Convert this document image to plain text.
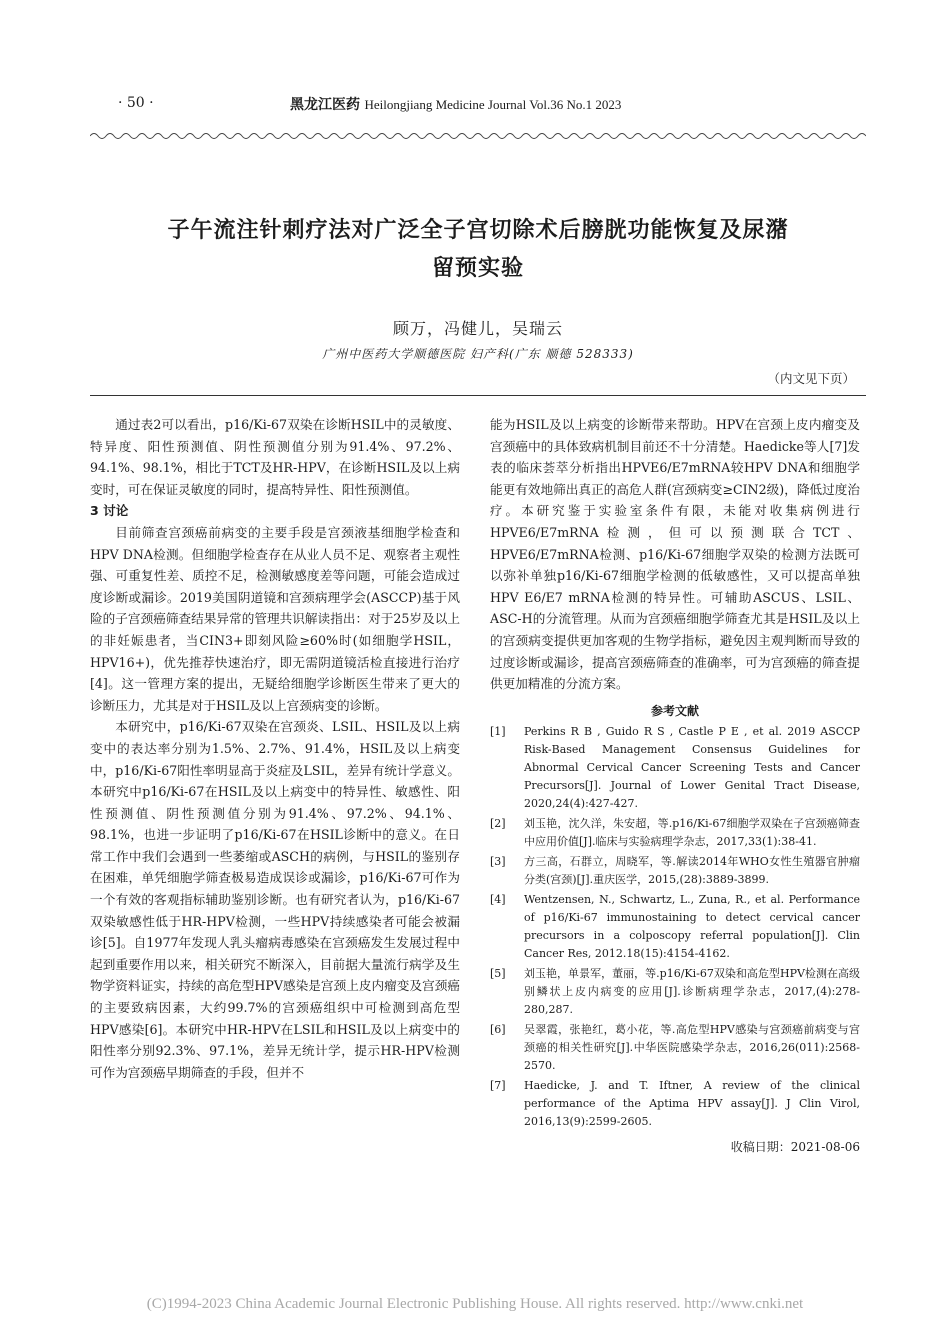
· 50 ·	黑龙江医药 Heilongjiang Medicine Journal Vol.36 No.1 2023
子午流注针刺疗法对广泛全子宫切除术后膀胱功能恢复及尿潴
留预实验
顾万，冯健儿，吴瑞云
广州中医药大学顺德医院 妇产科(广东 顺德 528333)
（内文见下页）

通过表2可以看出，p16/Ki-67双染在诊断HSIL中的灵敏度、特异度、阳性预测值、阴性预测值分别为91.4%、97.2%、94.1%、98.1%，相比于TCT及HR-HPV，在诊断HSIL及以上病变时，可在保证灵敏度的同时，提高特异性、阳性预测值。

3 讨论

目前筛查宫颈癌前病变的主要手段是宫颈液基细胞学检查和HPV DNA检测。但细胞学检查存在从业人员不足、观察者主观性强、可重复性差、质控不足，检测敏感度差等问题，可能会造成过度诊断或漏诊。2019美国阴道镜和宫颈病理学会(ASCCP)基于风险的子宫颈癌筛查结果异常的管理共识解读指出：对于25岁及以上的非妊娠患者，当CIN3+即刻风险≥60%时(如细胞学HSIL，HPV16+)，优先推荐快速治疗，即无需阴道镜活检直接进行治疗[4]。这一管理方案的提出，无疑给细胞学诊断医生带来了更大的诊断压力，尤其是对于HSIL及以上宫颈病变的诊断。

本研究中，p16/Ki-67双染在宫颈炎、LSIL、HSIL及以上病变中的表达率分别为1.5%、2.7%、91.4%，HSIL及以上病变中，p16/Ki-67阳性率明显高于炎症及LSIL，差异有统计学意义。本研究中p16/Ki-67在HSIL及以上病变中的特异性、敏感性、阳性预测值、阴性预测值分别为91.4%、97.2%、94.1%、98.1%，也进一步证明了p16/Ki-67在HSIL诊断中的意义。在日常工作中我们会遇到一些萎缩或ASCH的病例，与HSIL的鉴别存在困难，单凭细胞学筛查极易造成误诊或漏诊，p16/Ki-67可作为一个有效的客观指标辅助鉴别诊断。也有研究者认为，p16/Ki-67双染敏感性低于HR-HPV检测，一些HPV持续感染者可能会被漏诊[5]。自1977年发现人乳头瘤病毒感染在宫颈癌发生发展过程中起到重要作用以来，相关研究不断深入，目前据大量流行病学及生物学资料证实，持续的高危型HPV感染是宫颈上皮内瘤变及宫颈癌的主要致病因素，大约99.7%的宫颈癌组织中可检测到高危型HPV感染[6]。本研究中HR-HPV在LSIL和HSIL及以上病变中的阳性率分别92.3%、97.1%，差异无统计学，提示HR-HPV检测可作为宫颈癌早期筛查的手段，但并不

能为HSIL及以上病变的诊断带来帮助。HPV在宫颈上皮内瘤变及宫颈癌中的具体致病机制目前还不十分清楚。Haedicke等人[7]发表的临床荟萃分析指出HPVE6/E7mRNA较HPV DNA和细胞学能更有效地筛出真正的高危人群(宫颈病变≥CIN2级)，降低过度治疗。本研究鉴于实验室条件有限，未能对收集病例进行HPVE6/E7mRNA检测，但可以预测联合TCT、HPVE6/E7mRNA检测、p16/Ki-67细胞学双染的检测方法既可以弥补单独p16/Ki-67细胞学检测的低敏感性，又可以提高单独HPV E6/E7 mRNA检测的特异性。可辅助ASCUS、LSIL、ASC-H的分流管理。从而为宫颈癌细胞学筛查尤其是HSIL及以上的宫颈病变提供更加客观的生物学指标，避免因主观判断而导致的过度诊断或漏诊，提高宫颈癌筛查的准确率，可为宫颈癌的筛查提供更加精准的分流方案。

参考文献
[1]	Perkins R B , Guido R S , Castle P E , et al. 2019 ASCCP Risk-Based Management Consensus Guidelines for Abnormal Cervical Cancer Screening Tests and Cancer Precursors[J]. Journal of Lower Genital Tract Disease, 2020,24(4):427-427.
[2]	刘玉艳，沈久洋，朱安超，等.p16/Ki-67细胞学双染在子宫颈癌筛查中应用价值[J].临床与实验病理学杂志，2017,33(1):38-41.
[3]	方三高，石群立，周晓军，等.解读2014年WHO女性生殖器官肿瘤分类(宫颈)[J].重庆医学，2015,(28):3889-3899.
[4]	Wentzensen, N., Schwartz, L., Zuna, R., et al. Performance of p16/Ki-67 immunostaining to detect cervical cancer precursors in a colposcopy referral population[J]. Clin Cancer Res, 2012.18(15):4154-4162.
[5]	刘玉艳，单景军，董丽，等.p16/Ki-67双染和高危型HPV检测在高级别鳞状上皮内病变的应用[J].诊断病理学杂志，2017,(4):278-280,287.
[6]	吴翠霞，张艳红，葛小花，等.高危型HPV感染与宫颈癌前病变与宫颈癌的相关性研究[J].中华医院感染学杂志，2016,26(011):2568-2570.
[7]	Haedicke, J. and T. Iftner, A review of the clinical performance of the Aptima HPV assay[J]. J Clin Virol, 2016,13(9):2599-2605.
收稿日期：2021-08-06
(C)1994-2023 China Academic Journal Electronic Publishing House. All rights reserved. http://www.cnki.net
